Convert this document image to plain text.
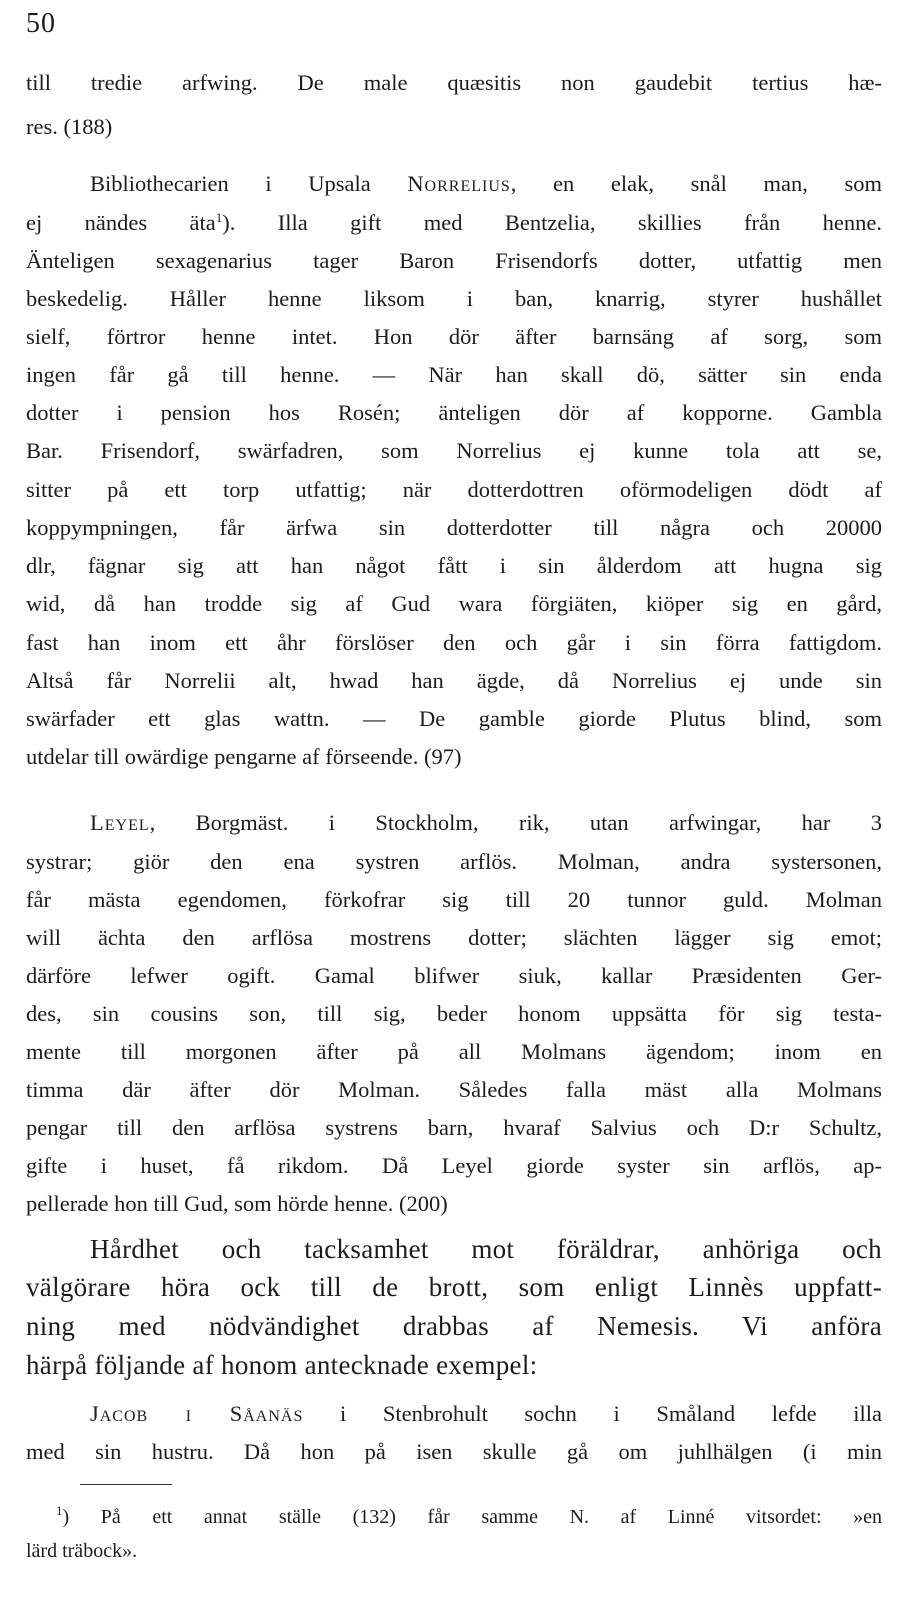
50
till tredie arfwing. De male quæsitis non gaudebit tertius hæ-
res. (188)
Bibliothecarien i Upsala Norrelius, en elak, snål man, som
ej nändes äta$^1$). Illa gift med Bentzelia, skillies från henne.
Änteligen sexagenarius tager Baron Frisendorfs dotter, utfattig men
beskedelig. Håller henne liksom i ban, knarrig, styrer hushållet
sielf, förtror henne intet. Hon dör äfter barnsäng af sorg, som
ingen får gå till henne. — När han skall dö, sätter sin enda
dotter i pension hos Rosén; änteligen dör af kopporne. Gambla
Bar. Frisendorf, swärfadren, som Norrelius ej kunne tola att se,
sitter på ett torp utfattig; när dotterdottren oförmodeligen dödt af
koppympningen, får ärfwa sin dotterdotter till några och 20000
dlr, fägnar sig att han något fått i sin ålderdom att hugna sig
wid, då han trodde sig af Gud wara förgiäten, kiöper sig en gård,
fast han inom ett åhr förslöser den och går i sin förra fattigdom.
Altså får Norrelii alt, hwad han ägde, då Norrelius ej unde sin
swärfader ett glas wattn. — De gamble giorde Plutus blind, som
utdelar till owärdige pengarne af förseende. (97)
Leyel, Borgmäst. i Stockholm, rik, utan arfwingar, har 3
systrar; giör den ena systren arflös. Molman, andra systersonen,
får mästa egendomen, förkofrar sig till 20 tunnor guld. Molman
will ächta den arflösa mostrens dotter; slächten lägger sig emot;
därföre lefwer ogift. Gamal blifwer siuk, kallar Præsidenten Ger-
des, sin cousins son, till sig, beder honom uppsätta för sig testa-
mente till morgonen äfter på all Molmans ägendom; inom en
timma där äfter dör Molman. Således falla mäst alla Molmans
pengar till den arflösa systrens barn, hvaraf Salvius och D:r Schultz,
gifte i huset, få rikdom. Då Leyel giorde syster sin arflös, ap-
pellerade hon till Gud, som hörde henne. (200)
Hårdhet och tacksamhet mot föräldrar, anhöriga och
välgörare höra ock till de brott, som enligt Linnès uppfatt-
ning med nödvändighet drabbas af Nemesis. Vi anföra
härpå följande af honom antecknade exempel:
Jacob i Såanäs i Stenbrohult sochn i Småland lefde illa
med sin hustru. Då hon på isen skulle gå om juhlhälgen (i min
$^1$) På ett annat ställe (132) får samme N. af Linné vitsordet: »en
lärd träbock».
